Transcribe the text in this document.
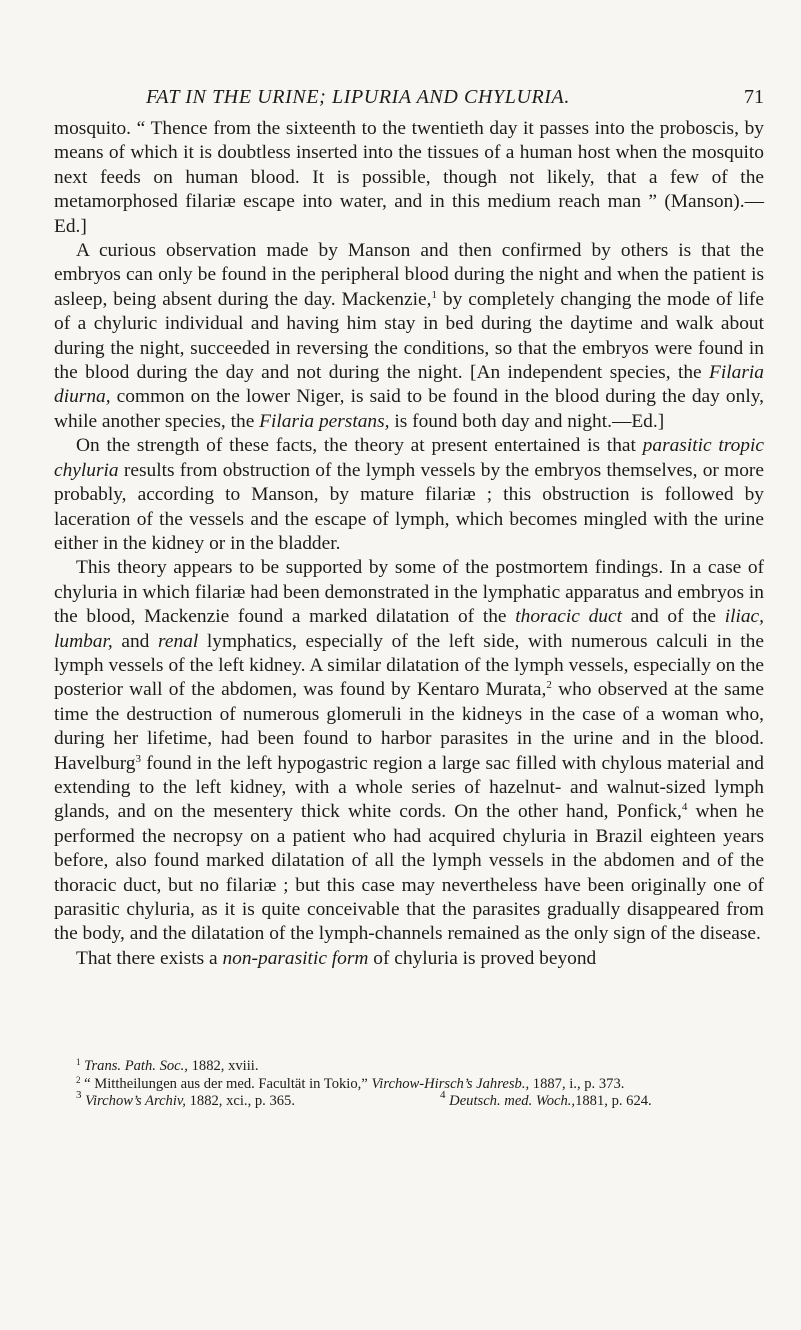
FAT IN THE URINE; LIPURIA AND CHYLURIA.	71

mosquito. “ Thence from the sixteenth to the twentieth day it passes into the proboscis, by means of which it is doubtless inserted into the tissues of a human host when the mosquito next feeds on human blood. It is possible, though not likely, that a few of the metamorphosed filariæ escape into water, and in this medium reach man ” (Manson).—Ed.]

A curious observation made by Manson and then confirmed by others is that the embryos can only be found in the peripheral blood during the night and when the patient is asleep, being absent during the day. Mackenzie,$^1$ by completely changing the mode of life of a chyluric individual and having him stay in bed during the daytime and walk about during the night, succeeded in reversing the conditions, so that the embryos were found in the blood during the day and not during the night. [An independent species, the Filaria diurna, common on the lower Niger, is said to be found in the blood during the day only, while another species, the Filaria perstans, is found both day and night.—Ed.]

On the strength of these facts, the theory at present entertained is that parasitic tropic chyluria results from obstruction of the lymph vessels by the embryos themselves, or more probably, according to Manson, by mature filariæ ; this obstruction is followed by laceration of the vessels and the escape of lymph, which becomes mingled with the urine either in the kidney or in the bladder.

This theory appears to be supported by some of the postmortem findings. In a case of chyluria in which filariæ had been demonstrated in the lymphatic apparatus and embryos in the blood, Mackenzie found a marked dilatation of the thoracic duct and of the iliac, lumbar, and renal lymphatics, especially of the left side, with numerous calculi in the lymph vessels of the left kidney. A similar dilatation of the lymph vessels, especially on the posterior wall of the abdomen, was found by Kentaro Murata,$^2$ who observed at the same time the destruction of numerous glomeruli in the kidneys in the case of a woman who, during her lifetime, had been found to harbor parasites in the urine and in the blood. Havelburg$^3$ found in the left hypogastric region a large sac filled with chylous material and extending to the left kidney, with a whole series of hazelnut- and walnut-sized lymph glands, and on the mesentery thick white cords. On the other hand, Ponfick,$^4$ when he performed the necropsy on a patient who had acquired chyluria in Brazil eighteen years before, also found marked dilatation of all the lymph vessels in the abdomen and of the thoracic duct, but no filariæ ; but this case may nevertheless have been originally one of parasitic chyluria, as it is quite conceivable that the parasites gradually disappeared from the body, and the dilatation of the lymph-channels remained as the only sign of the disease.

That there exists a non-parasitic form of chyluria is proved beyond

$^1$ Trans. Path. Soc., 1882, xviii.

$^2$ “ Mittheilungen aus der med. Facultät in Tokio,” Virchow-Hirsch’s Jahresb., 1887, i., p. 373.

$^3$ Virchow’s Archiv, 1882, xci., p. 365.	$^4$ Deutsch. med. Woch.,1881, p. 624.
